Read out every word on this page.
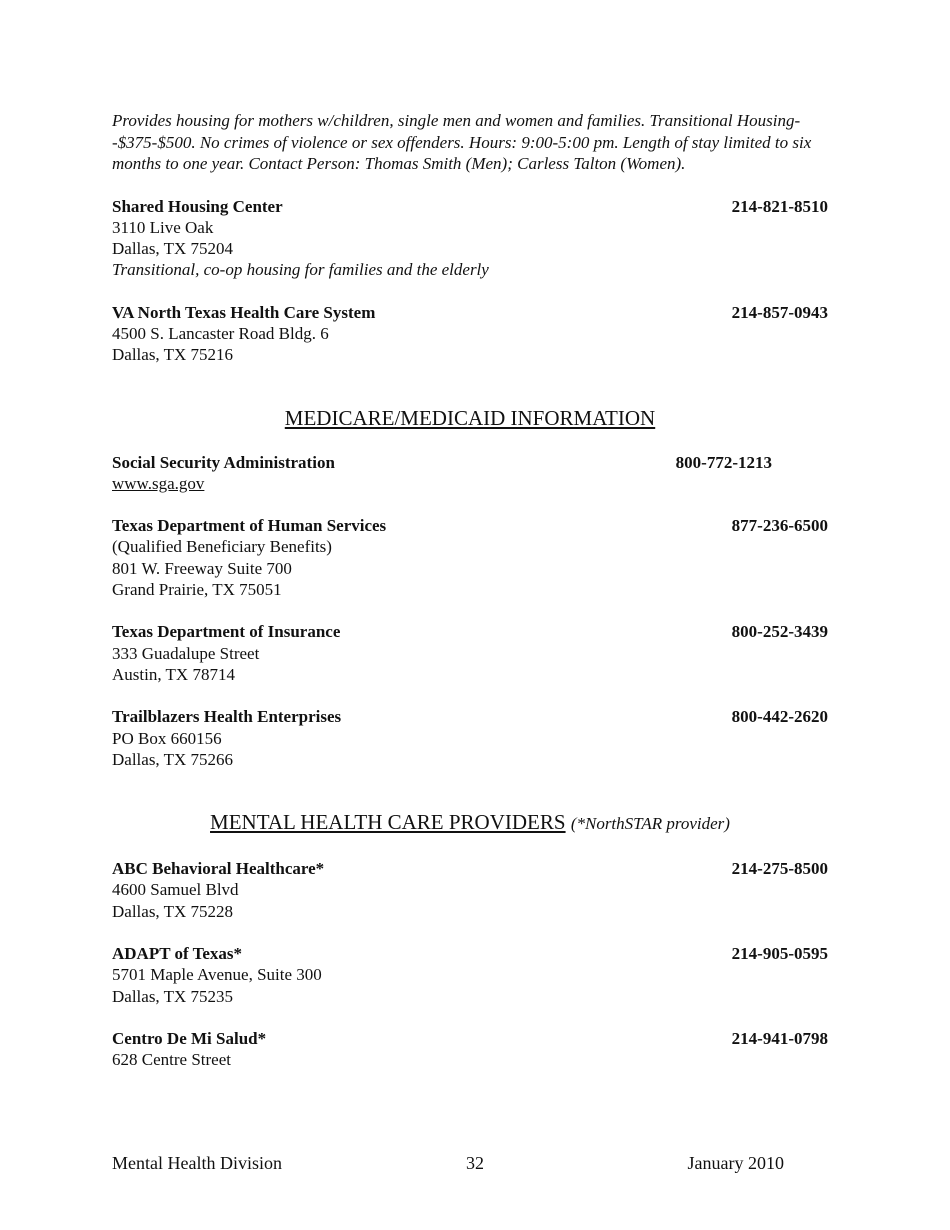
Provides housing for mothers w/children, single men and women and families. Transitional Housing--$375-$500. No crimes of violence or sex offenders. Hours: 9:00-5:00 pm. Length of stay limited to six months to one year. Contact Person: Thomas Smith (Men); Carless Talton (Women).

Shared Housing Center	214-821-8510
3110 Live Oak
Dallas, TX 75204
Transitional, co-op housing for families and the elderly
VA North Texas Health Care System	214-857-0943
4500 S. Lancaster Road Bldg. 6
Dallas, TX 75216
MEDICARE/MEDICAID INFORMATION
Social Security Administration	800-772-1213
www.sga.gov
Texas Department of Human Services	877-236-6500
(Qualified Beneficiary Benefits)
801 W. Freeway Suite 700
Grand Prairie, TX 75051
Texas Department of Insurance	800-252-3439
333 Guadalupe Street
Austin, TX 78714
Trailblazers Health Enterprises	800-442-2620
PO Box 660156
Dallas, TX 75266
MENTAL HEALTH CARE PROVIDERS (*NorthSTAR provider)
ABC Behavioral Healthcare*	214-275-8500
4600 Samuel Blvd
Dallas, TX 75228
ADAPT of Texas*	214-905-0595
5701 Maple Avenue, Suite 300
Dallas, TX 75235
Centro De Mi Salud*	214-941-0798
628 Centre Street
Mental Health Division	32	January 2010
